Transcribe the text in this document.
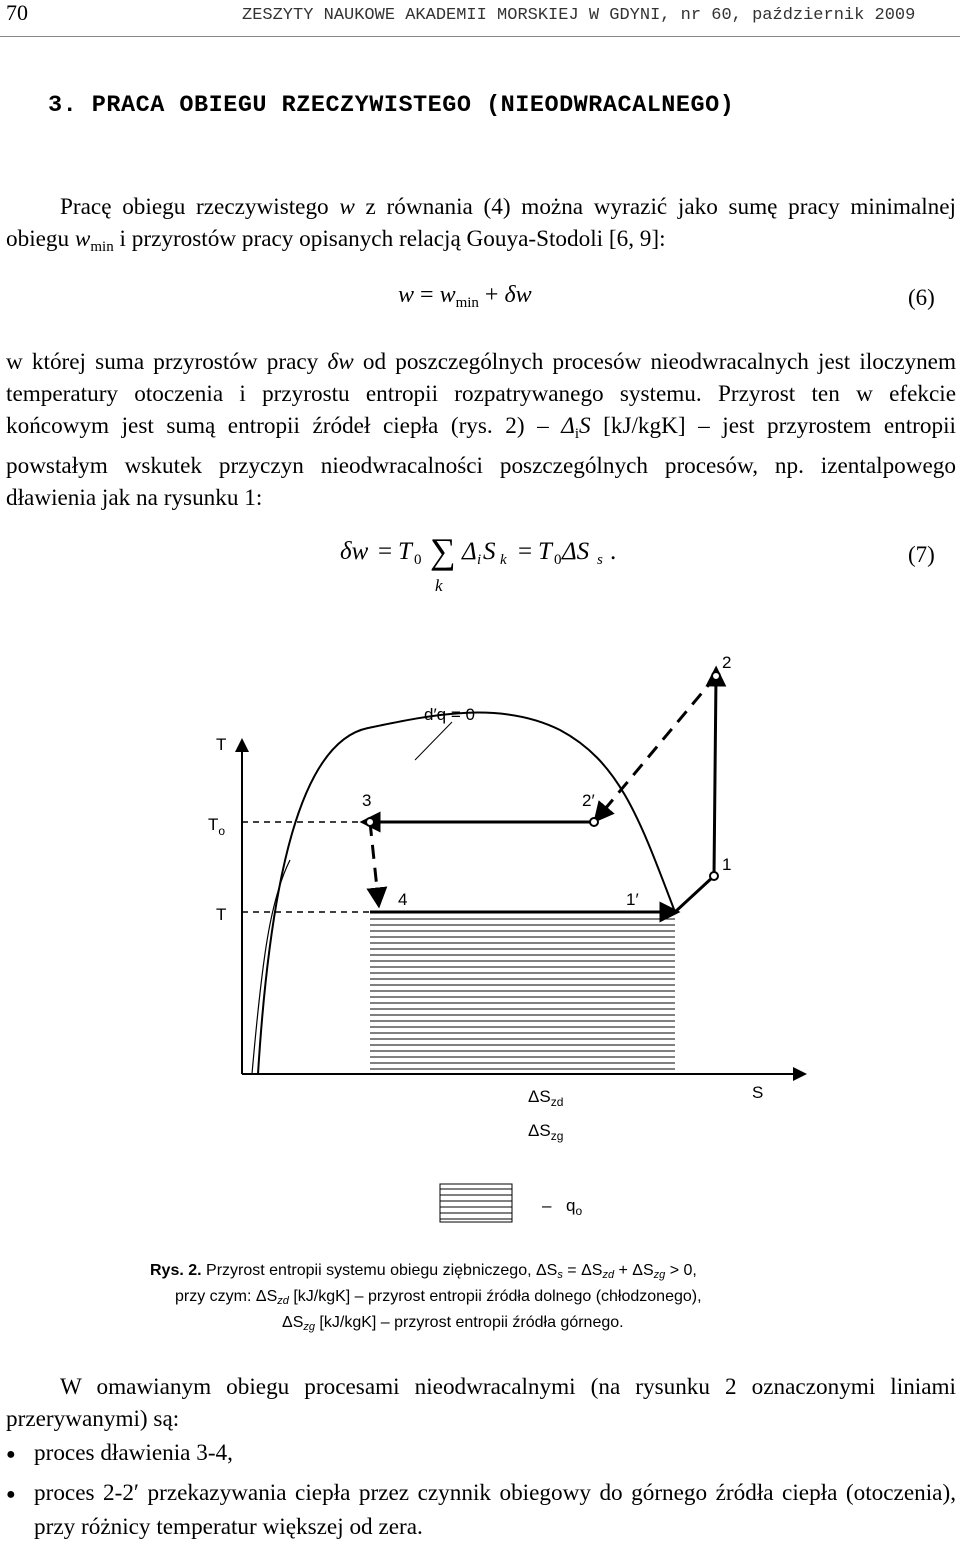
70	ZESZYTY NAUKOWE AKADEMII MORSKIEJ W GDYNI, nr 60, październik 2009
3. PRACA OBIEGU RZECZYWISTEGO (NIEODWRACALNEGO)
Pracę obiegu rzeczywistego w z równania (4) można wyrazić jako sumę pracy minimalnej obiegu $w_{min}$ i przyrostów pracy opisanych relacją Gouya-Stodoli [6, 9]:
$w = w_{min} + \delta w$	(6)
w której suma przyrostów pracy δw od poszczególnych procesów nieodwracalnych jest iloczynem temperatury otoczenia i przyrostu entropii rozpatrywanego systemu. Przyrost ten w efekcie końcowym jest sumą entropii źródeł ciepła (rys. $2) - \Delta_iS$ [kJ/kgK] – jest przyrostem entropii powstałym wskutek przyczyn nieodwracalności poszczególnych procesów, np. izentalpowego dławienia jak na rysunku 1:
δw = T 0 ∑
k
Δ i S k = T 0 ΔS s .	(7)
T
$T_o$
T
d′q = 0
2
2′
3
4
1
1′
S
$\Delta S_{zd}$
$\Delta S_{zg}$
– $q_o$
Rys. 2. Przyrost entropii systemu obiegu ziębniczego, $\Delta S_s = \Delta S_{zd} + \Delta S_{zg} > 0$,
przy czym: $\Delta S_{zd}$ [kJ/kgK] – przyrost entropii źródła dolnego (chłodzonego),
$\Delta S_{zg}$ [kJ/kgK] – przyrost entropii źródła górnego.
W omawianym obiegu procesami nieodwracalnymi (na rysunku 2 oznaczonymi liniami przerywanymi) są:
● proces dławienia 3-4,
● proces 2-2′ przekazywania ciepła przez czynnik obiegowy do górnego źródła ciepła (otoczenia), przy różnicy temperatur większej od zera.
